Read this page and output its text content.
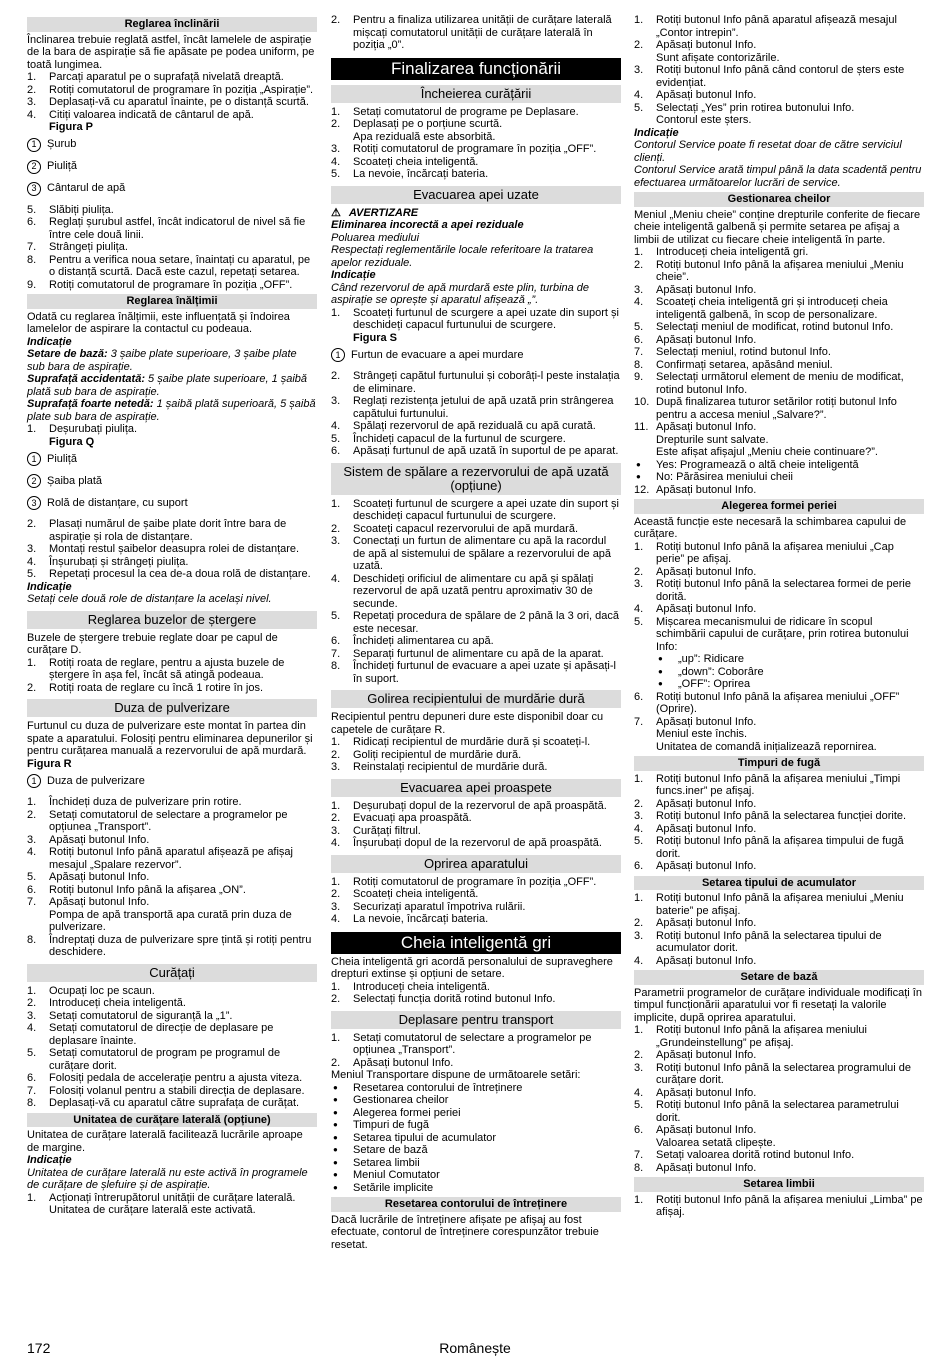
Reglarea înclinării

Înclinarea trebuie reglată astfel, încât lamelele de aspirație de la bara de aspirație să fie apăsate pe podea uniform, pe toată lungimea.

1.	Parcați aparatul pe o suprafață nivelată dreaptă.
2.	Rotiți comutatorul de programare în poziția „Aspirație”.
3.	Deplasați-vă cu aparatul înainte, pe o distanță scurtă.
4.	Citiți valoarea indicată de cântarul de apă.
Figura P
1 Șurub
2 Piuliță
3 Cântarul de apă
5.	Slăbiți piulița.
6.	Reglați șurubul astfel, încât indicatorul de nivel să fie între cele două linii.
7.	Strângeți piulița.
8.	Pentru a verifica noua setare, înaintați cu aparatul, pe o distanță scurtă. Dacă este cazul, repetați setarea.
9.	Rotiți comutatorul de programare în poziția „OFF”.
Reglarea înălțimii

Odată cu reglarea înălțimii, este influențată și îndoirea lamelelor de aspirare la contactul cu podeaua.

Indicație

Setare de bază: 3 șaibe plate superioare, 3 șaibe plate sub bara de aspirație.

Suprafață accidentată: 5 șaibe plate superioare, 1 șaibă plată sub bara de aspirație.

Suprafață foarte netedă: 1 șaibă plată superioară, 5 șaibă plate sub bara de aspirație.

1.	Deșurubați piulița.
Figura Q
1 Piuliță
2 Șaiba plată
3 Rolă de distanțare, cu suport
2.	Plasați numărul de șaibe plate dorit între bara de aspirație și rola de distanțare.
3.	Montați restul șaibelor deasupra rolei de distanțare.
4.	Înșurubați și strângeți piulița.
5.	Repetați procesul la cea de-a doua rolă de distanțare.

Indicație

Setați cele două role de distanțare la același nivel.

Reglarea buzelor de ștergere

Buzele de ștergere trebuie reglate doar pe capul de curățare D.

1.	Rotiți roata de reglare, pentru a ajusta buzele de ștergere în așa fel, încât să atingă podeaua.
2.	Rotiți roata de reglare cu încă 1 rotire în jos.
Duza de pulverizare

Furtunul cu duza de pulverizare este montat în partea din spate a aparatului. Folosiți pentru eliminarea depunerilor și pentru curățarea manuală a rezervorului de apă murdară.

Figura R
1 Duza de pulverizare
1.	Închideți duza de pulverizare prin rotire.
2.	Setați comutatorul de selectare a programelor pe opțiunea „Transport”.
3.	Apăsați butonul Info.
4.	Rotiți butonul Info până aparatul afișează pe afișaj mesajul „Spalare rezervor”.
5.	Apăsați butonul Info.
6.	Rotiți butonul Info până la afișarea „ON”.
7.	Apăsați butonul Info.

Pompa de apă transportă apa curată prin duza de pulverizare.

8.	Îndreptați duza de pulverizare spre țintă și rotiți pentru deschidere.
Curățați
1.	Ocupați loc pe scaun.
2.	Introduceți cheia inteligentă.
3.	Setați comutatorul de siguranță la „1”.
4.	Setați comutatorul de direcție de deplasare pe deplasare înainte.
5.	Setați comutatorul de program pe programul de curățare dorit.
6.	Folosiți pedala de accelerație pentru a ajusta viteza.
7.	Folosiți volanul pentru a stabili direcția de deplasare.
8.	Deplasați-vă cu aparatul către suprafața de curățat.
Unitatea de curățare laterală (opțiune)

Unitatea de curățare laterală facilitează lucrările aproape de margine.

Indicație

Unitatea de curățare laterală nu este activă în programele de curățare de șlefuire și de aspirație.

1.	Acționați întrerupătorul unității de curățare laterală.

Unitatea de curățare laterală este activată.

2.	Pentru a finaliza utilizarea unității de curățare laterală mișcați comutatorul unității de curățare laterală în poziția „0”.
Finalizarea funcționării
Încheierea curățării
1.	Setați comutatorul de programe pe Deplasare.
2.	Deplasați pe o porțiune scurtă.

Apa reziduală este absorbită.

3.	Rotiți comutatorul de programare în poziția „OFF”.
4.	Scoateți cheia inteligentă.
5.	La nevoie, încărcați bateria.
Evacuarea apei uzate

⚠ AVERTIZARE

Eliminarea incorectă a apei reziduale

Poluarea mediului

Respectați reglementările locale referitoare la tratarea apelor reziduale.

Indicație

Când rezervorul de apă murdară este plin, turbina de aspirație se oprește și aparatul afișează „”.

1.	Scoateți furtunul de scurgere a apei uzate din suport și deschideți capacul furtunului de scurgere.
Figura S
1 Furtun de evacuare a apei murdare
2.	Strângeți capătul furtunului și coborâți-l peste instalația de eliminare.
3.	Reglați rezistența jetului de apă uzată prin strângerea capătului furtunului.
4.	Spălați rezervorul de apă reziduală cu apă curată.
5.	Închideți capacul de la furtunul de scurgere.
6.	Apăsați furtunul de apă uzată în suportul de pe aparat.
Sistem de spălare a rezervorului de apă uzată (opțiune)
1.	Scoateți furtunul de scurgere a apei uzate din suport și deschideți capacul furtunului de scurgere.
2.	Scoateți capacul rezervorului de apă murdară.
3.	Conectați un furtun de alimentare cu apă la racordul de apă al sistemului de spălare a rezervorului de apă uzată.
4.	Deschideți orificiul de alimentare cu apă și spălați rezervorul de apă uzată pentru aproximativ 30 de secunde.
5.	Repetați procedura de spălare de 2 până la 3 ori, dacă este necesar.
6.	Închideți alimentarea cu apă.
7.	Separați furtunul de alimentare cu apă de la aparat.
8.	Închideți furtunul de evacuare a apei uzate și apăsați-l în suport.
Golirea recipientului de murdărie dură

Recipientul pentru depuneri dure este disponibil doar cu capetele de curățare R.

1.	Ridicați recipientul de murdărie dură și scoateți-l.
2.	Goliți recipientul de murdărie dură.
3.	Reinstalați recipientul de murdărie dură.
Evacuarea apei proaspete
1.	Deșurubați dopul de la rezervorul de apă proaspătă.
2.	Evacuați apa proaspătă.
3.	Curățați filtrul.
4.	Înșurubați dopul de la rezervorul de apă proaspătă.
Oprirea aparatului
1.	Rotiți comutatorul de programare în poziția „OFF”.
2.	Scoateți cheia inteligentă.
3.	Securizați aparatul împotriva rulării.
4.	La nevoie, încărcați bateria.
Cheia inteligentă gri

Cheia inteligentă gri acordă personalului de supraveghere drepturi extinse și opțiuni de setare.

1.	Introduceți cheia inteligentă.
2.	Selectați funcția dorită rotind butonul Info.
Deplasare pentru transport
1.	Setați comutatorul de selectare a programelor pe opțiunea „Transport”.
2.	Apăsați butonul Info.

Meniul Transportare dispune de următoarele setări:

● Resetarea contorului de întreținere
● Gestionarea cheilor
● Alegerea formei periei
● Timpuri de fugă
● Setarea tipului de acumulator
● Setare de bază
● Setarea limbii
● Meniul Comutator
● Setările implicite
Resetarea contorului de întreținere

Dacă lucrările de întreținere afișate pe afișaj au fost efectuate, contorul de întreținere corespunzător trebuie resetat.

1.	Rotiți butonul Info până aparatul afișează mesajul „Contor intrepin”.
2.	Apăsați butonul Info.

Sunt afișate contorizările.

3.	Rotiți butonul Info până când contorul de șters este evidențiat.
4.	Apăsați butonul Info.
5.	Selectați „Yes” prin rotirea butonului Info.

Contorul este șters.

Indicație

Contorul Service poate fi resetat doar de către serviciul clienți.

Contorul Service arată timpul până la data scadentă pentru efectuarea următoarelor lucrări de service.

Gestionarea cheilor

Meniul „Meniu cheie” conține drepturile conferite de fiecare cheie inteligentă galbenă și permite setarea pe afișaj a limbii de utilizat cu fiecare cheie inteligentă în parte.

1.	Introduceți cheia inteligentă gri.
2.	Rotiți butonul Info până la afișarea meniului „Meniu cheie”.
3.	Apăsați butonul Info.
4.	Scoateți cheia inteligentă gri și introduceți cheia inteligentă galbenă, în scop de personalizare.
5.	Selectați meniul de modificat, rotind butonul Info.
6.	Apăsați butonul Info.
7.	Selectați meniul, rotind butonul Info.
8.	Confirmați setarea, apăsând meniul.
9.	Selectați următorul element de meniu de modificat, rotind butonul Info.
10. După finalizarea tuturor setărilor rotiți butonul Info pentru a accesa meniul „Salvare?”.
11. Apăsați butonul Info.

Drepturile sunt salvate.

Este afișat afișajul „Meniu cheie continuare?”.

● Yes: Programează o altă cheie inteligentă
● No: Părăsirea meniului cheii
12. Apăsați butonul Info.
Alegerea formei periei

Această funcție este necesară la schimbarea capului de curățare.

1.	Rotiți butonul Info până la afișarea meniului „Cap perie” pe afișaj.
2.	Apăsați butonul Info.
3.	Rotiți butonul Info până la selectarea formei de perie dorită.
4.	Apăsați butonul Info.
5.	Mișcarea mecanismului de ridicare în scopul schimbării capului de curățare, prin rotirea butonului Info:
● „up”: Ridicare
● „down”: Coborâre
● „OFF”: Oprirea
6.	Rotiți butonul Info până la afișarea meniului „OFF” (Oprire).
7.	Apăsați butonul Info.

Meniul este închis.

Unitatea de comandă inițializează repornirea.

Timpuri de fugă
1.	Rotiți butonul Info până la afișarea meniului „Timpi funcs.iner” pe afișaj.
2.	Apăsați butonul Info.
3.	Rotiți butonul Info până la selectarea funcției dorite.
4.	Apăsați butonul Info.
5.	Rotiți butonul Info până la afișarea timpului de fugă dorit.
6.	Apăsați butonul Info.
Setarea tipului de acumulator
1.	Rotiți butonul Info până la afișarea meniului „Meniu baterie” pe afișaj.
2.	Apăsați butonul Info.
3.	Rotiți butonul Info până la selectarea tipului de acumulator dorit.
4.	Apăsați butonul Info.
Setare de bază

Parametrii programelor de curățare individuale modificați în timpul funcționării aparatului vor fi resetați la valorile implicite, după oprirea aparatului.

1.	Rotiți butonul Info până la afișarea meniului „Grundeinstellung” pe afișaj.
2.	Apăsați butonul Info.
3.	Rotiți butonul Info până la selectarea programului de curățare dorit.
4.	Apăsați butonul Info.
5.	Rotiți butonul Info până la selectarea parametrului dorit.
6.	Apăsați butonul Info.

Valoarea setată clipește.

7.	Setați valoarea dorită rotind butonul Info.
8.	Apăsați butonul Info.
Setarea limbii
1.	Rotiți butonul Info până la afișarea meniului „Limba” pe afișaj.
172	Românește
